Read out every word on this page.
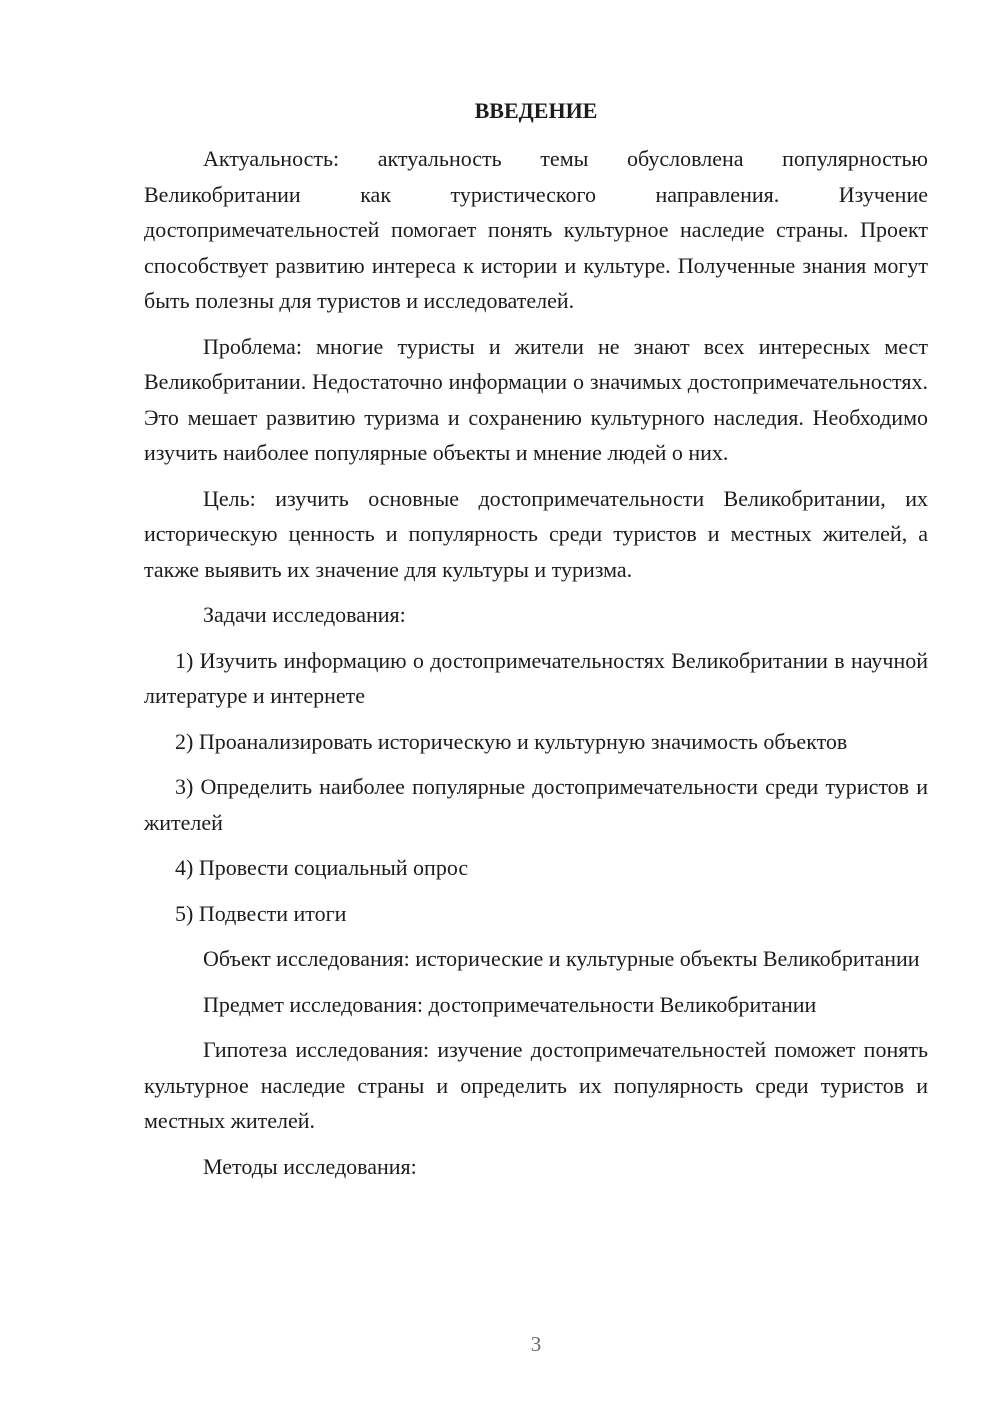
ВВЕДЕНИЕ

Актуальность: актуальность темы обусловлена популярностью Великобритании как туристического направления. Изучение достопримечательностей помогает понять культурное наследие страны. Проект способствует развитию интереса к истории и культуре. Полученные знания могут быть полезны для туристов и исследователей.

Проблема: многие туристы и жители не знают всех интересных мест Великобритании. Недостаточно информации о значимых достопримечательностях. Это мешает развитию туризма и сохранению культурного наследия. Необходимо изучить наиболее популярные объекты и мнение людей о них.

Цель: изучить основные достопримечательности Великобритании, их историческую ценность и популярность среди туристов и местных жителей, а также выявить их значение для культуры и туризма.

Задачи исследования:

1) Изучить информацию о достопримечательностях Великобритании в научной литературе и интернете

2) Проанализировать историческую и культурную значимость объектов

3) Определить наиболее популярные достопримечательности среди туристов и жителей

4) Провести социальный опрос

5) Подвести итоги

Объект исследования: исторические и культурные объекты Великобритании

Предмет исследования: достопримечательности Великобритании

Гипотеза исследования: изучение достопримечательностей поможет понять культурное наследие страны и определить их популярность среди туристов и местных жителей.

Методы исследования:

3
